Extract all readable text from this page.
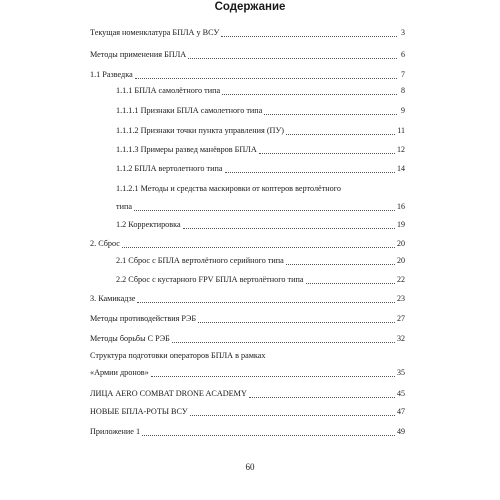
Содержание
Текущая номенклатура БПЛА у ВСУ	3
Методы применения БПЛА	6
1.1 Разведка	7
1.1.1 БПЛА самолётного типа	8
1.1.1.1 Признаки БПЛА самолетного типа	9
1.1.1.2 Признаки точки пункта управления (ПУ)	11
1.1.1.3 Примеры развед манёвров БПЛА	12
1.1.2 БПЛА вертолетного типа	14
1.1.2.1 Методы и средства маскировки от коптеров вертолётного
типа	16
1.2 Корректировка	19
2. Сброс	20
2.1 Сброс с БПЛА вертолётного серийного типа	20
2.2 Сброс с кустарного FPV БПЛА вертолётного типа	22
3. Камикадзе	23
Методы противодействия РЭБ	27
Методы борьбы С РЭБ	32
Структура подготовки операторов БПЛА в рамках
«Армии дронов»	35
ЛИЦА AERO COMBAT DRONE ACADEMY	45
НОВЫЕ БПЛА-РОТЫ ВСУ	47
Приложение 1	49
60
